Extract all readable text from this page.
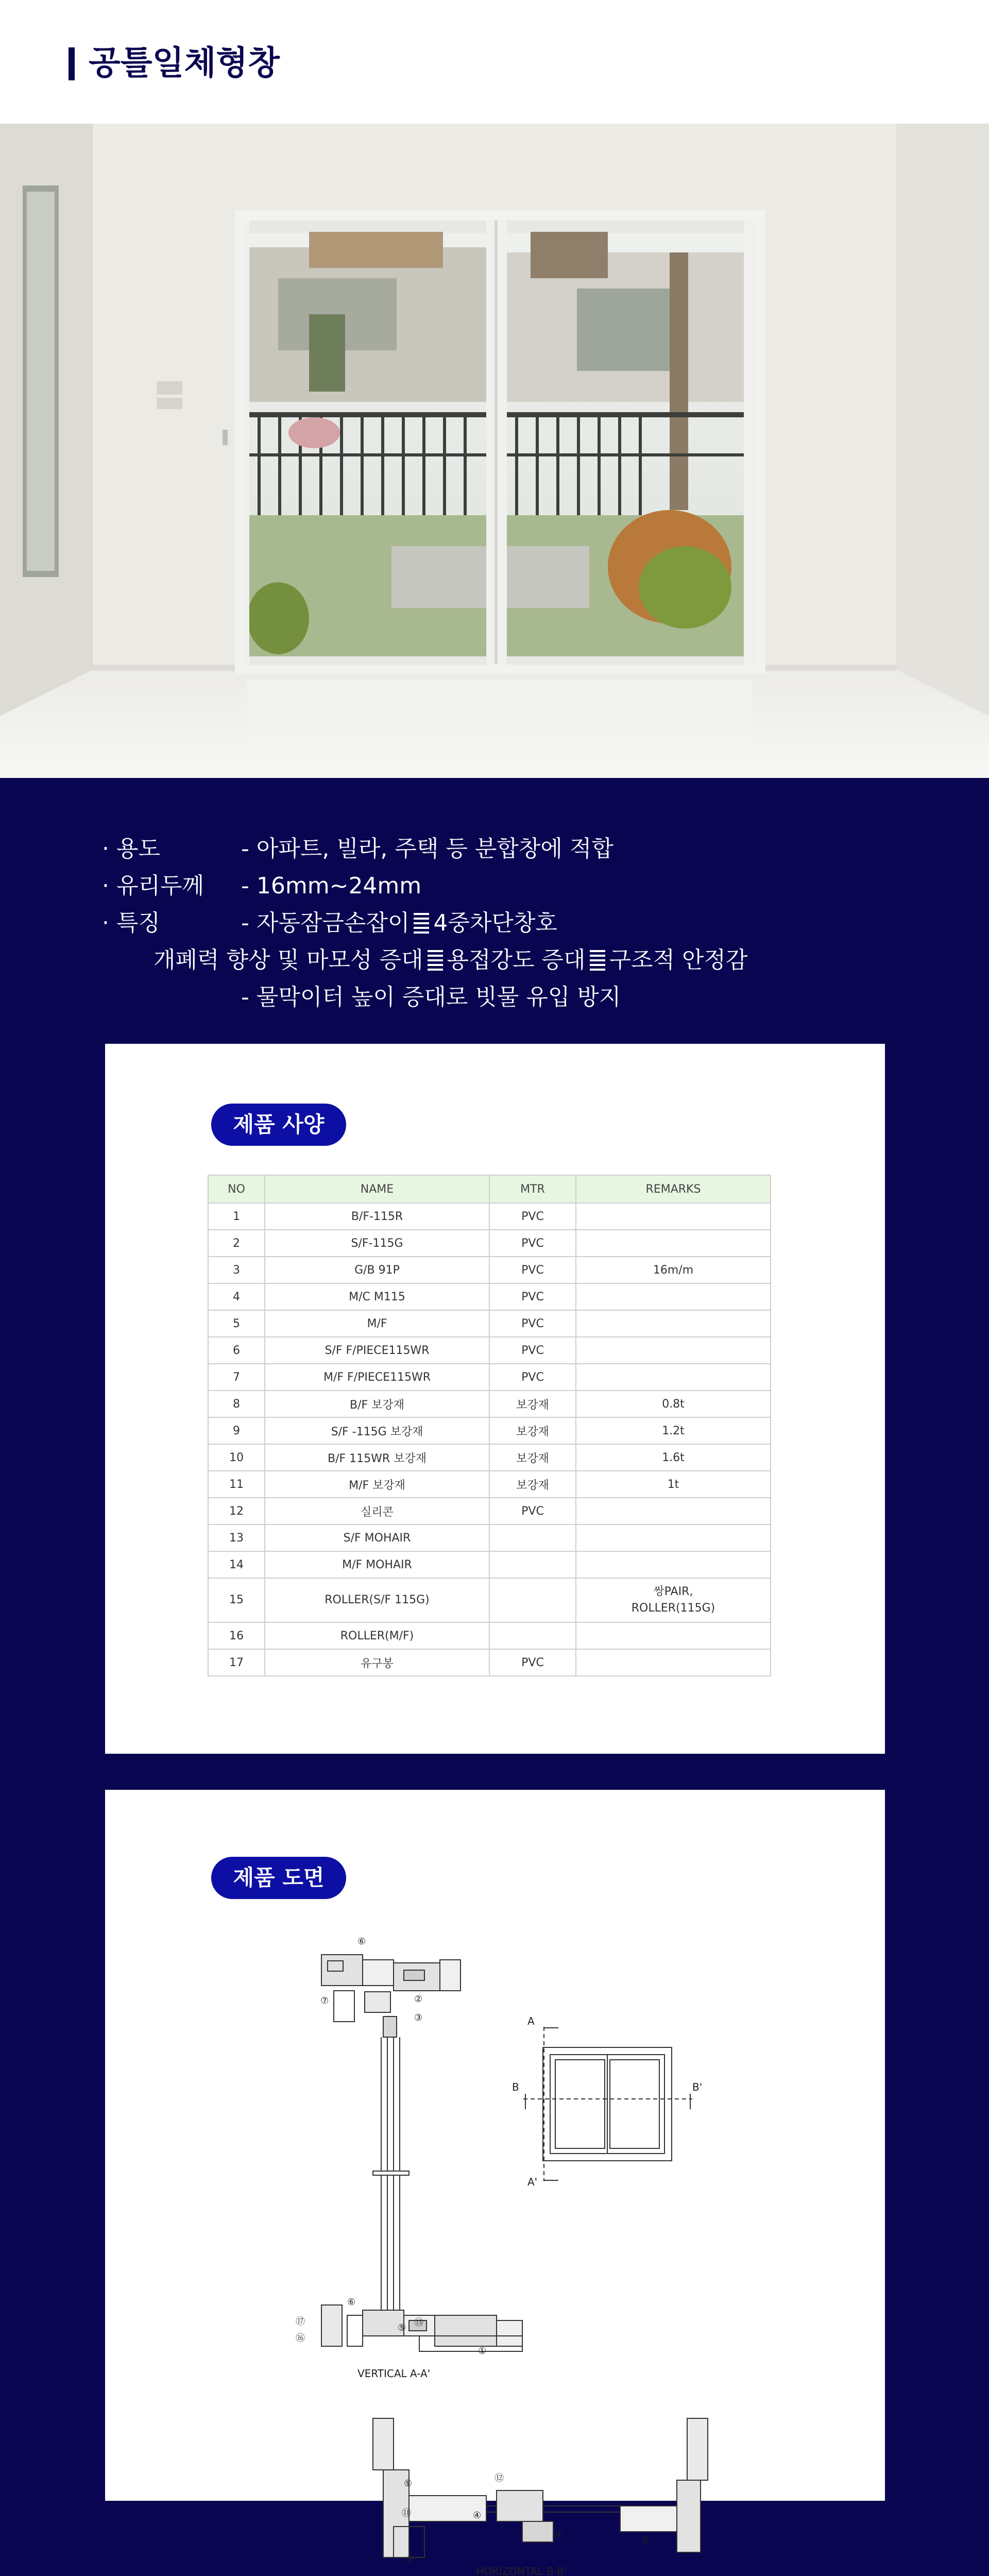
공틀일체형창
· 용도	- 아파트, 빌라, 주택 등 분합창에 적합
· 유리두께	- 16mm~24mm
· 특징	- 자동잠금손잡이 4중차단창호
개폐력 향상 및 마모성 증대 용접강도 증대 구조적 안정감
- 물막이터 높이 증대로 빗물 유입 방지
제품 사양
NO	NAME	MTR	REMARKS
1	B/F-115R	PVC	
2	S/F-115G	PVC	
3	G/B 91P	PVC	16m/m
4	M/C M115	PVC	
5	M/F	PVC	
6	S/F F/PIECE115WR	PVC	
7	M/F F/PIECE115WR	PVC	
8	B/F 보강재	보강재	0.8t
9	S/F -115G 보강재	보강재	1.2t
10	B/F 115WR 보강재	보강재	1.6t
11	M/F 보강재	보강재	1t
12	실리콘	PVC	
13	S/F MOHAIR		
14	M/F MOHAIR		
15	ROLLER(S/F 115G)		쌍PAIR,
ROLLER(115G)
16	ROLLER(M/F)		
17	유구봉	PVC	
제품 도면
⑥
②
③
⑦
⑥
⑤ ⑬
⑰
⑯
①
⑨	⑫
⑪	④
⑭	③
⑤
VERTICAL A-A'
HORIZONTAL B-B'
A
A'
B	B'
